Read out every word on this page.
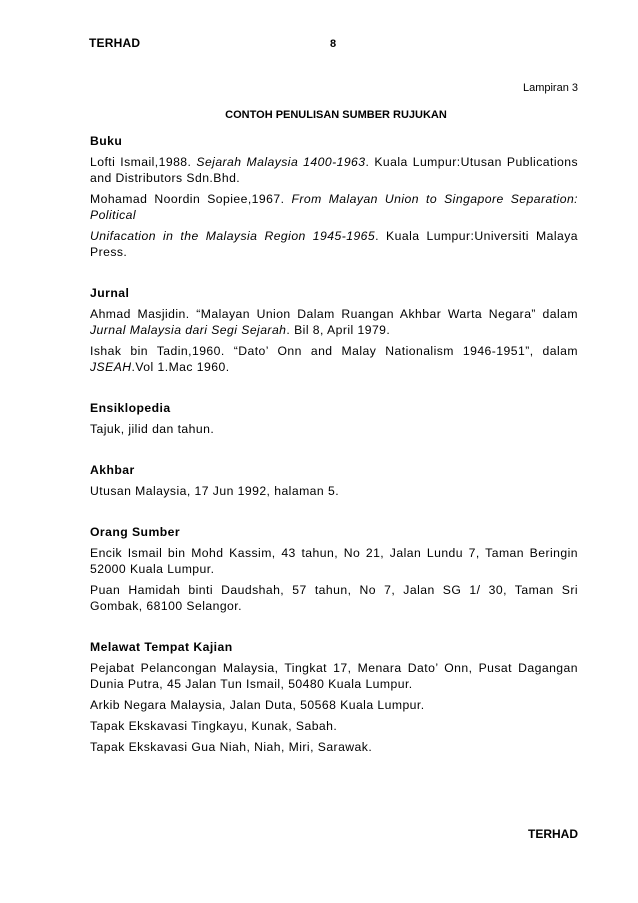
TERHAD	8
Lampiran 3
CONTOH PENULISAN SUMBER RUJUKAN
Buku
Lofti Ismail,1988. Sejarah Malaysia 1400-1963. Kuala Lumpur:Utusan Publications and Distributors Sdn.Bhd.
Mohamad Noordin Sopiee,1967. From Malayan Union to Singapore Separation: Political
Unifacation in the Malaysia Region 1945-1965. Kuala Lumpur:Universiti Malaya Press.
Jurnal
Ahmad Masjidin. “Malayan Union Dalam Ruangan Akhbar Warta Negara” dalam Jurnal Malaysia dari Segi Sejarah. Bil 8, April 1979.
Ishak bin Tadin,1960. “Dato’ Onn and Malay Nationalism 1946-1951”, dalam JSEAH.Vol 1.Mac 1960.
Ensiklopedia
Tajuk, jilid dan tahun.
Akhbar
Utusan Malaysia, 17 Jun 1992, halaman 5.
Orang Sumber
Encik Ismail bin Mohd Kassim, 43 tahun, No 21, Jalan Lundu 7, Taman Beringin 52000 Kuala Lumpur.
Puan Hamidah binti Daudshah, 57 tahun, No 7, Jalan SG 1/ 30, Taman Sri Gombak, 68100 Selangor.
Melawat Tempat Kajian
Pejabat Pelancongan Malaysia, Tingkat 17, Menara Dato’ Onn, Pusat Dagangan Dunia Putra, 45 Jalan Tun Ismail, 50480 Kuala Lumpur.
Arkib Negara Malaysia, Jalan Duta, 50568 Kuala Lumpur.
Tapak Ekskavasi Tingkayu, Kunak, Sabah.
Tapak Ekskavasi Gua Niah, Niah, Miri, Sarawak.
TERHAD
